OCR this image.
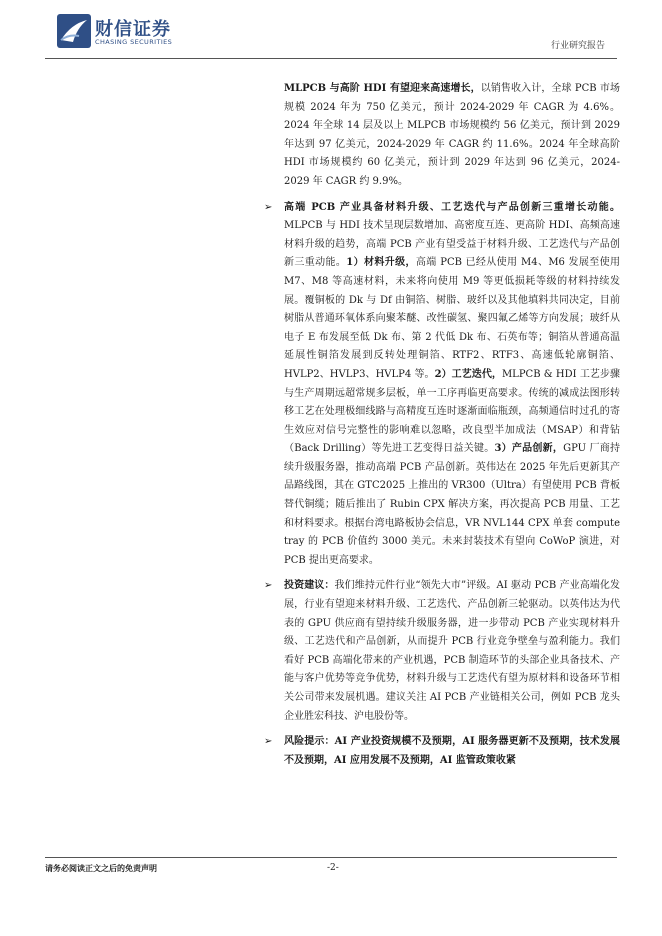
财信证券
CHASING SECURITIES	行业研究报告

MLPCB 与高阶 HDI 有望迎来高速增长，以销售收入计，全球 PCB 市场规模 2024 年为 750 亿美元，预计 2024-2029 年 CAGR 为 4.6%。2024 年全球 14 层及以上 MLPCB 市场规模约 56 亿美元，预计到 2029 年达到 97 亿美元，2024-2029 年 CAGR 约 11.6%。2024 年全球高阶 HDI 市场规模约 60 亿美元，预计到 2029 年达到 96 亿美元，2024-2029 年 CAGR 约 9.9%。

➢ 高端 PCB 产业具备材料升级、工艺迭代与产品创新三重增长动能。MLPCB 与 HDI 技术呈现层数增加、高密度互连、更高阶 HDI、高频高速材料升级的趋势，高端 PCB 产业有望受益于材料升级、工艺迭代与产品创新三重动能。1）材料升级，高端 PCB 已经从使用 M4、M6 发展至使用 M7、M8 等高速材料，未来将向使用 M9 等更低损耗等级的材料持续发展。覆铜板的 Dk 与 Df 由铜箔、树脂、玻纤以及其他填料共同决定，目前树脂从普通环氧体系向聚苯醚、改性碳氢、聚四氟乙烯等方向发展；玻纤从电子 E 布发展至低 Dk 布、第 2 代低 Dk 布、石英布等；铜箔从普通高温延展性铜箔发展到反转处理铜箔、RTF2、RTF3、高速低轮廓铜箔、HVLP2、HVLP3、HVLP4 等。2）工艺迭代，MLPCB & HDI 工艺步骤与生产周期远超常规多层板，单一工序再临更高要求。传统的减成法图形转移工艺在处理极细线路与高精度互连时逐渐面临瓶颈，高频通信时过孔的寄生效应对信号完整性的影响难以忽略，改良型半加成法（MSAP）和背钻（Back Drilling）等先进工艺变得日益关键。3）产品创新，GPU 厂商持续升级服务器，推动高端 PCB 产品创新。英伟达在 2025 年先后更新其产品路线图，其在 GTC2025 上推出的 VR300（Ultra）有望使用 PCB 背板替代铜缆；随后推出了 Rubin CPX 解决方案，再次提高 PCB 用量、工艺和材料要求。根据台湾电路板协会信息，VR NVL144 CPX 单套 compute tray 的 PCB 价值约 3000 美元。未来封装技术有望向 CoWoP 演进，对 PCB 提出更高要求。

➢ 投资建议：我们维持元件行业“领先大市”评级。AI 驱动 PCB 产业高端化发展，行业有望迎来材料升级、工艺迭代、产品创新三轮驱动。以英伟达为代表的 GPU 供应商有望持续升级服务器，进一步带动 PCB 产业实现材料升级、工艺迭代和产品创新，从而提升 PCB 行业竞争壁垒与盈利能力。我们看好 PCB 高端化带来的产业机遇，PCB 制造环节的头部企业具备技术、产能与客户优势等竞争优势，材料升级与工艺迭代有望为原材料和设备环节相关公司带来发展机遇。建议关注 AI PCB 产业链相关公司，例如 PCB 龙头企业胜宏科技、沪电股份等。

➢ 风险提示：AI 产业投资规模不及预期，AI 服务器更新不及预期，技术发展不及预期，AI 应用发展不及预期，AI 监管政策收紧

请务必阅读正文之后的免责声明	-2-
